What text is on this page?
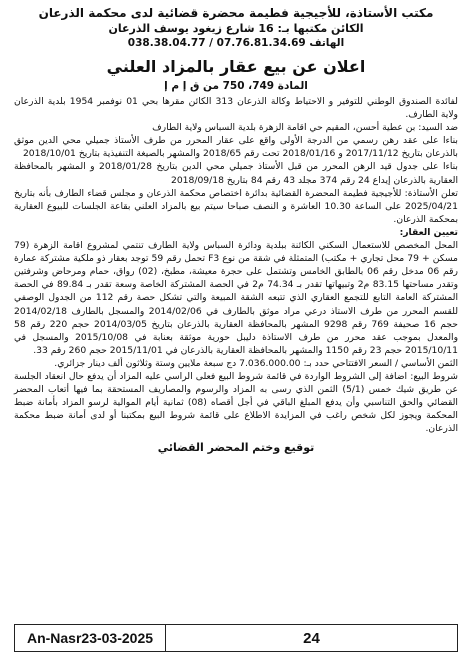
مكتب الأستاذة، للأجيجية فطيمة محضرة قضائية لدى محكمة الذرعان
الكائن مكتبها بـ: 16 شارع زيغود يوسف الذرعان
الهاتف 07.76.81.34.69 / 038.38.04.77
اعلان عن بيع عقار بالمزاد العلني
المادة 749، 750 من ق إ م إ

لفائدة الصندوق الوطني للتوفير و الاحتياط وكالة الذرعان 313 الكائن مقرها بحي 01 نوفمبر 1954 بلدية الذرعان ولاية الطارف.

ضد السيد: بن عطية أحسن، المقيم حي اقامة الزهرة بلدية السباس ولاية الطارف

بناءا على عقد رهن رسمي من الدرجة الأولى واقع على عقار المحرر من طرف الأستاذ جميلي محي الدين موثق بالذرعان بتاريخ 2017/11/12 و 2018/01/16 تحت رقم 2018/65 والمشهر بالصيغة التنفيذية بتاريخ 2018/10/01

بناءا على جدول قيد الرهن المحرر من قبل الأستاذ جميلي محي الدين بتاريخ 2018/01/28 و المشهر بالمحافظة العقارية بالذرعان إيداع 24 رقم 374 مجلد 43 رقم 84 بتاريخ 2018/09/18

تعلن الأستاذة: للأجيجية فطيمة المحضرة القضائية بدائرة اختصاص محكمة الذرعان و مجلس قضاء الطارف بأنه بتاريخ 2025/04/21 على الساعة 10.30 العاشرة و النصف صباحا سيتم بيع بالمزاد العلني بقاعة الجلسات للبيوع العقارية بمحكمة الذرعان.

تعيين العقار:

المحل المخصص للاستعمال السكني الكائنة ببلدية ودائرة السباس ولاية الطارف تنتمي لمشروع اقامة الزهرة (79 مسكن + 79 محل تجاري + مكتب) المتمثلة في شقة من نوع F3 تحمل رقم 59 توجد بعقار ذو ملكية مشتركة عمارة رقم 06 مدخل رقم 06 بالطابق الخامس وتشتمل على حجرة معيشة، مطبخ، (02) رواق، حمام ومرحاض وشرفتين وتقدر مساحتها 83.15 م2 وتبيهاتها تقدر بـ 74.34 م2 في الحصة المشتركة الخاصة وسعة تقدر بـ 89.84 في الحصة المشتركة العامة التابع للتجمع العقاري الذي تتبعه الشقة المبيعة والتي تشكل حصة رقم 112 من الجدول الوصفي للقسم المحرر من طرف الاستاذ درعي مراد موثق بالطارف في 2014/02/06 والمسجل بالطارف 2014/02/18 حجم 16 صحيفة 769 رقم 9298 المشهر بالمحافظة العقارية بالذرعان بتاريخ 2014/03/05 حجم 220 رقم 58 والمعدل بموجب عقد محرر من طرف الاستاذة دليبل حورية موثقة بعنابة في 2015/10/08 والمسجل في 2015/10/11 حجم 23 رقم 1150 والمشهر بالمحافظة العقارية بالذرعان في 2015/11/01 حجم 260 رقم 33.

الثمن الأساسي / السعر الافتتاحي حدد بـ: 7.036.000.00 دج سبعة ملايين وستة وثلاثون ألف دينار جزائري.

شروط البيع: اضافة إلى الشروط الواردة في قائمة شروط البيع فعلى الراسي عليه المزاد أن يدفع حال انعقاد الجلسة عن طريق شيك خمس (5/1) الثمن الذي رسى به المزاد والرسوم والمصاريف المستحقة بما فيها أتعاب المحضر القضائي والحق التناسبي وأن يدفع المبلغ الباقي في أجل أقصاه (08) ثمانية أيام الموالية لرسو المزاد بأمانة ضبط المحكمة ويجوز لكل شخص راغب في المزايدة الاطلاع على قائمة شروط البيع بمكتبنا أو لدى أمانة ضبط محكمة الذرعان.

توقيع وختم المحضر القضائي
An-Nasr23-03-2025	24
